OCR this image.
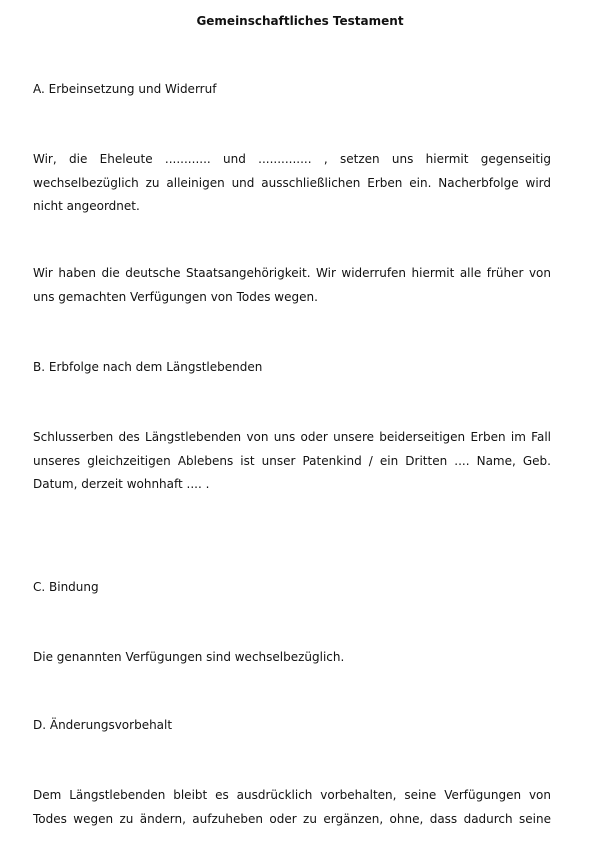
Gemeinschaftliches Testament
A. Erbeinsetzung und Widerruf
Wir, die Eheleute ............ und .............. , setzen uns hiermit gegenseitig
wechselbezüglich zu alleinigen und ausschließlichen Erben ein. Nacherbfolge wird
nicht angeordnet.
Wir haben die deutsche Staatsangehörigkeit. Wir widerrufen hiermit alle früher von
uns gemachten Verfügungen von Todes wegen.
B. Erbfolge nach dem Längstlebenden
Schlusserben des Längstlebenden von uns oder unsere beiderseitigen Erben im Fall
unseres gleichzeitigen Ablebens ist unser Patenkind / ein Dritten .... Name, Geb.
Datum, derzeit wohnhaft .... .
C. Bindung
Die genannten Verfügungen sind wechselbezüglich.
D. Änderungsvorbehalt
Dem Längstlebenden bleibt es ausdrücklich vorbehalten, seine Verfügungen von
Todes wegen zu ändern, aufzuheben oder zu ergänzen, ohne, dass dadurch seine
